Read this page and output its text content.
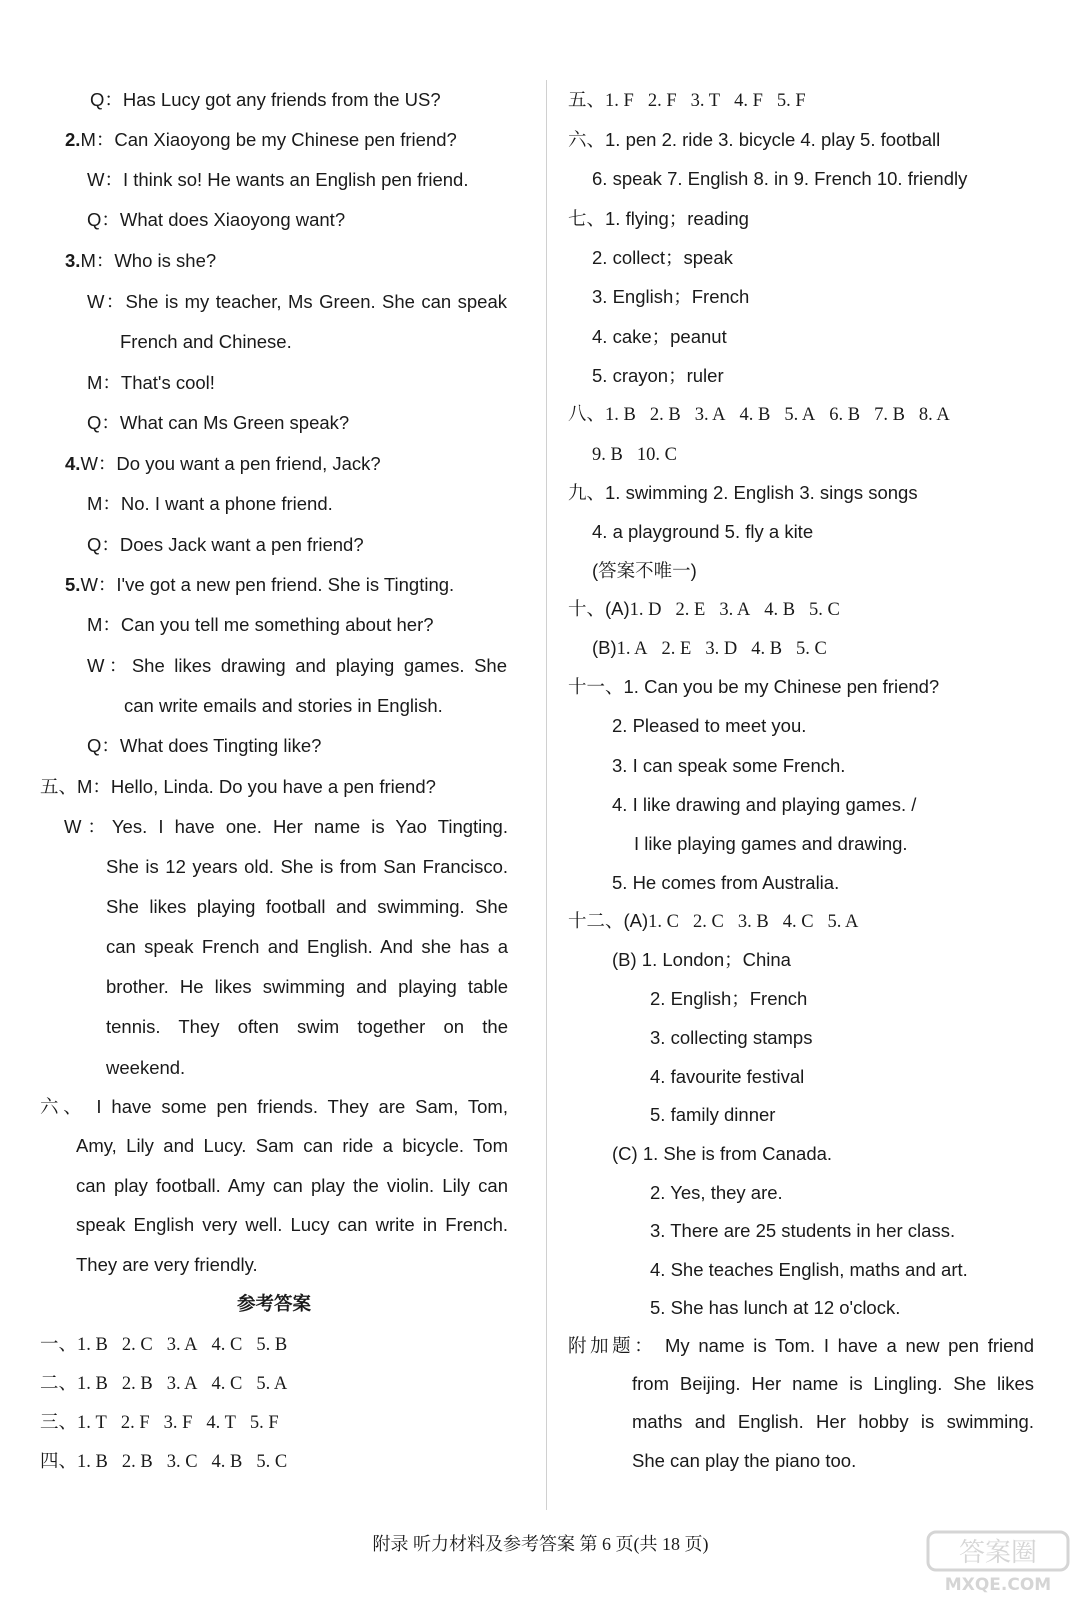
Q：Has Lucy got any friends from the US?
2.M：Can Xiaoyong be my Chinese pen friend?
W：I think so! He wants an English pen friend.
Q：What does Xiaoyong want?
3.M：Who is she?
W：She is my teacher, Ms Green. She can speak
French and Chinese.
M：That's cool!
Q：What can Ms Green speak?
4.W：Do you want a pen friend, Jack?
M：No. I want a phone friend.
Q：Does Jack want a pen friend?
5.W：I've got a new pen friend. She is Tingting.
M：Can you tell me something about her?
W：She likes drawing and playing games. She
can write emails and stories in English.
Q：What does Tingting like?
五、M：Hello, Linda. Do you have a pen friend?
W：Yes. I have one. Her name is Yao Tingting.
She is 12 years old. She is from San Francisco.
She likes playing football and swimming. She
can speak French and English. And she has a
brother. He likes swimming and playing table
tennis. They often swim together on the
weekend.
六、 I have some pen friends. They are Sam, Tom,
Amy, Lily and Lucy. Sam can ride a bicycle. Tom
can play football. Amy can play the violin. Lily can
speak English very well. Lucy can write in French.
They are very friendly.
参考答案
一、1. B 2. C 3. A 4. C 5. B
二、1. B 2. B 3. A 4. C 5. A
三、1. T 2. F 3. F 4. T 5. F
四、1. B 2. B 3. C 4. B 5. C
五、1. F 2. F 3. T 4. F 5. F
六、1. pen 2. ride 3. bicycle 4. play 5. football
6. speak 7. English 8. in 9. French 10. friendly
七、1. flying；reading
2. collect；speak
3. English；French
4. cake；peanut
5. crayon；ruler
八、1. B 2. B 3. A 4. B 5. A 6. B 7. B 8. A
9. B 10. C
九、1. swimming 2. English 3. sings songs
4. a playground 5. fly a kite
(答案不唯一)
十、(A)1. D 2. E 3. A 4. B 5. C
(B)1. A 2. E 3. D 4. B 5. C
十一、1. Can you be my Chinese pen friend?
2. Pleased to meet you.
3. I can speak some French.
4. I like drawing and playing games. /
I like playing games and drawing.
5. He comes from Australia.
十二、(A)1. C 2. C 3. B 4. C 5. A
(B) 1. London；China
2. English；French
3. collecting stamps
4. favourite festival
5. family dinner
(C) 1. She is from Canada.
2. Yes, they are.
3. There are 25 students in her class.
4. She teaches English, maths and art.
5. She has lunch at 12 o'clock.
附加题： My name is Tom. I have a new pen friend
from Beijing. Her name is Lingling. She likes
maths and English. Her hobby is swimming.
She can play the piano too.
附录 听力材料及参考答案 第 6 页(共 18 页)	答案圈
MXQE.COM
